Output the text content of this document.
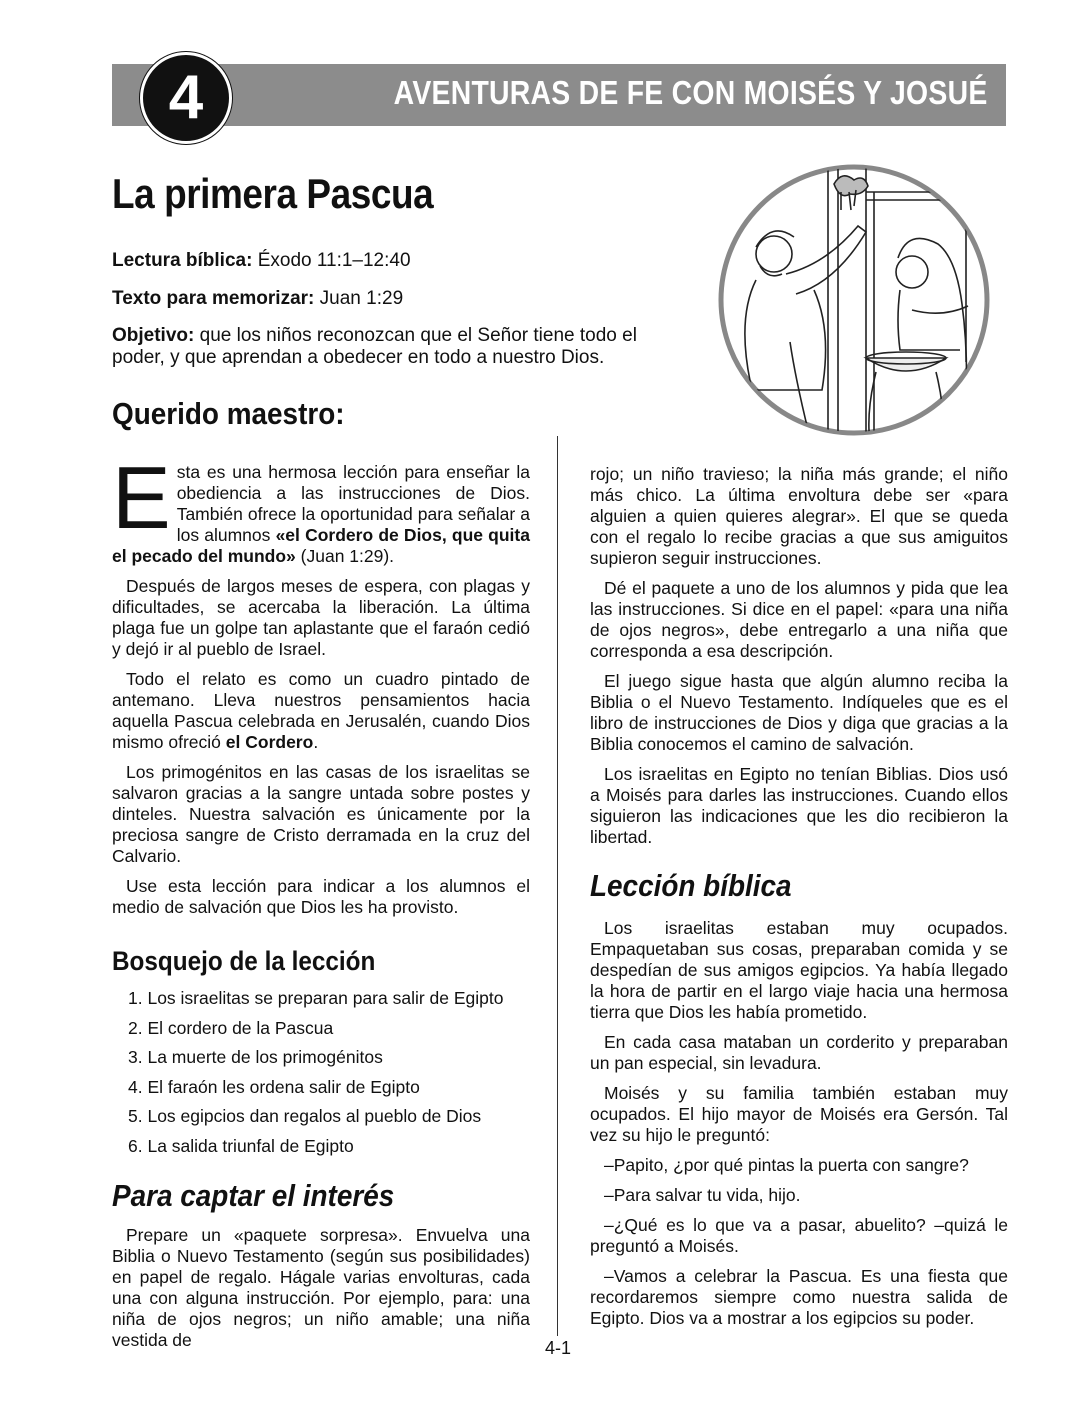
AVENTURAS DE FE CON MOISÉS Y JOSUÉ
4
La primera Pascua
Lectura bíblica: Éxodo 11:1–12:40
Texto para memorizar: Juan 1:29
Objetivo: que los niños reconozcan que el Señor tiene todo el poder, y que aprendan a obedecer en todo a nuestro Dios.
Querido maestro:

Esta es una hermosa lección para enseñar la obediencia a las instrucciones de Dios. También ofrece la oportunidad para señalar a los alumnos «el Cordero de Dios, que quita el pecado del mundo» (Juan 1:29).

Después de largos meses de espera, con plagas y dificultades, se acercaba la liberación. La última plaga fue un golpe tan aplastante que el faraón cedió y dejó ir al pueblo de Israel.

Todo el relato es como un cuadro pintado de antemano. Lleva nuestros pensamientos hacia aquella Pascua celebrada en Jerusalén, cuando Dios mismo ofreció el Cordero.

Los primogénitos en las casas de los israelitas se salvaron gracias a la sangre untada sobre postes y dinteles. Nuestra salvación es únicamente por la preciosa sangre de Cristo derramada en la cruz del Calvario.

Use esta lección para indicar a los alumnos el medio de salvación que Dios les ha provisto.

Bosquejo de la lección
1. Los israelitas se preparan para salir de Egipto
2. El cordero de la Pascua
3. La muerte de los primogénitos
4. El faraón les ordena salir de Egipto
5. Los egipcios dan regalos al pueblo de Dios
6. La salida triunfal de Egipto
Para captar el interés

Prepare un «paquete sorpresa». Envuelva una Biblia o Nuevo Testamento (según sus posibilidades) en papel de regalo. Hágale varias envolturas, cada una con alguna instrucción. Por ejemplo, para: una niña de ojos negros; un niño amable; una niña vestida de

rojo; un niño travieso; la niña más grande; el niño más chico. La última envoltura debe ser «para alguien a quien quieres alegrar». El que se queda con el regalo lo recibe gracias a que sus amiguitos supieron seguir instrucciones.

Dé el paquete a uno de los alumnos y pida que lea las instrucciones. Si dice en el papel: «para una niña de ojos negros», debe entregarlo a una niña que corresponda a esa descripción.

El juego sigue hasta que algún alumno reciba la Biblia o el Nuevo Testamento. Indíqueles que es el libro de instrucciones de Dios y diga que gracias a la Biblia conocemos el camino de salvación.

Los israelitas en Egipto no tenían Biblias. Dios usó a Moisés para darles las instrucciones. Cuando ellos siguieron las indicaciones que les dio recibieron la libertad.

Lección bíblica

Los israelitas estaban muy ocupados. Empaquetaban sus cosas, preparaban comida y se despedían de sus amigos egipcios. Ya había llegado la hora de partir en el largo viaje hacia una hermosa tierra que Dios les había prometido.

En cada casa mataban un corderito y preparaban un pan especial, sin levadura.

Moisés y su familia también estaban muy ocupados. El hijo mayor de Moisés era Gersón. Tal vez su hijo le preguntó:

–Papito, ¿por qué pintas la puerta con sangre?

–Para salvar tu vida, hijo.

–¿Qué es lo que va a pasar, abuelito? –quizá le preguntó a Moisés.

–Vamos a celebrar la Pascua. Es una fiesta que recordaremos siempre como nuestra salida de Egipto. Dios va a mostrar a los egipcios su poder.

4-1
